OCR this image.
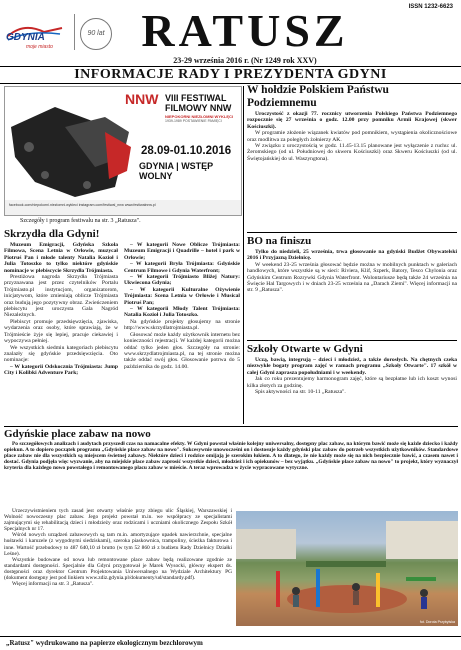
GDYNIA
moje miasto
90 lat RATUSZ	ISSN 1232-6623
23-29 września 2016 r. (Nr 1249 rok XXV)
INFORMACJE RADY I PREZYDENTA GDYNI
NNW VIII FESTIWAL
FILMOWY NNW
NIEPOKORNI NIEZŁOMNI WYKLĘCI
1939-1989 POSTAWIENIE PAMIĘCI
28.09-01.10.2016
GDYNIA | WSTĘP WOLNY
facebook.com/niepokorni.niezlomni.wykleci instagram.com/festiwal_nnw www.festiwalnnw.pl
Szczegóły i program festiwalu na str. 3 „Ratusza".
W hołdzie Polskiem Państwu Podziemnemu

Uroczystość z okazji 77. rocznicy utworzenia Polskiego Państwa Podziemnego rozpocznie się 27 września o godz. 12.00 przy pomniku Armii Krajowej (skwer Kościuszki).

W programie złożenie wiązanek kwiatów pod pomnikiem, wystąpienia okolicznościowe oraz modlitwa za poległych żołnierzy AK.

W związku z uroczystością w godz. 11.45-13.15 planowane jest wyłączenie z ruchu: ul. Żeromskiego (od ul. Południowej do skweru Kościuszki) oraz Skweru Kościuszki (od ul. Świętojańskiej do ul. Waszyngtona).

BO na finiszu

Tylko do niedzieli, 25 września, trwa głosowanie na gdyński Budżet Obywatelski 2016 i Przyjazną Dzielnicę.

W weekend 23-25 września głosować będzie można w mobilnych punktach w galeriach handlowych, które wszystkie są w sieci: Riviera, Klif, Szperk, Batory, Tesco Chylonia oraz Gdyńskim Centrum Rozrywki Gdynia Waterfront. Wolontariusze będą także 24 września na Święcie Hal Targowych i w dniach 23-25 września na „Darach Ziemi". Więcej informacji na str. 9 „Ratusza".

Szkoły Otwarte w Gdyni

Uczą, bawią, integrują – dzieci i młodzież, a także dorosłych. Na chętnych czeka niezwykłe bogaty program zajęć w ramach programu „Szkoły Otwarte". 17 szkół w całej Gdyni zaprasza popołudniami i w weekendy.

Jak co roku prezentujemy harmonogram zajęć, które są bezpłatne lub ich koszt wynosi kilka złotych za godzinę.

Spis aktywności na str. 10-11 „Ratusza".

Skrzydła dla Gdyni!

Muzeum Emigracji, Gdyńska Szkoła Filmowa, Scena Letnia w Orłowie, muzycał Piotruś Pan i młode talenty Natalia Kozioł i Julia Totoszko to tylko niektóre gdyńskie nominacje w plebiscycie Skrzydła Trójmiasta.

Prestiżowa nagroda Skrzydła Trójmiasta przyznawana jest przez czytelników Portalu Trójmiasto.pl instytucjom, organizatorom, inicjatywom, które zmieniają oblicze Trójmiasta oraz budują jego pozytywny obraz. Zwieńczeniem plebiscytu jest uroczysta Gala Nagród Niezależnych.

Plebiscyt promuje przedsięwzięcia, zjawiska, wydarzenia oraz osoby, które sprawiają, że w Trójmieście żyje się lepiej, pracuje ciekawiej i wypoczywa pełniej.

We wszystkich siedmiu kategoriach plebiscytu znalazły się gdyńskie przedsięwzięcia. Oto nominacje:

– W kategorii Odskocznia Trójmiasta: Jump City i Kolibki Adventure Park;

– W kategorii Nowe Oblicze Trójmiasta: Muzeum Emigracji i Quadrille – hotel i park w Orłowie;

– W kategorii Bryła Trójmiasta: Gdyńskie Centrum Filmowe i Gdynia Waterfront;

– W kategorii Trójmiasto Bliżej Natury: Ukwiecona Gdynia;

– W kategorii Kulturalne Ożywienie Trójmiasta: Scena Letnia w Orłowie i Musical Piotruś Pan;

– W kategorii Młody Talent Trójmiasta: Natalia Kozioł i Julia Totoszko.

Na gdyńskie projekty głosujemy na stronie http://www.skrzydlatrojmiasta.pl.

Głosować może każdy użytkownik internetu bez konieczności rejestracji. W każdej kategorii można oddać tylko jeden głos. Szczegóły na stronie: www.skrzydlatrojmiasta.pl, na tej stronie można także oddać swój głos. Głosowanie potrwa do 5 października do godz. 14.00.

Gdyńskie place zabaw na nowo

Po szczegółowych analizach i audytach przyszedł czas na namacalne efekty. W Gdyni powstał właśnie kolejny uniwersalny, dostępny plac zabaw, na którym bawić może się każde dziecko i każdy opiekun. A to dopiero początek programu „Gdyńskie place zabaw na nowo". Sukcesywnie unowocześni on i dostosuje każdy gdyński plac zabaw do potrzeb wszystkich użytkowników. Standardowe place zabaw nie dla wszystkich są miejscem świetnej zabawy. Niektóre dzieci i rodzice omijają je szerokim łukiem. A to dlatego, że nie każdy może się na nich bezpiecznie bawić, a czasem nawet i dostać. Gdynia podjęła więc wyzwanie, aby na miejskie place zabaw zaprosić wszystkie dzieci, młodzież i ich opiekunów – bez wyjątku. „Gdyńskie place zabaw na nowo" to projekt, który wyznaczył kryteria dla każdego nowo powstałego i remontowanego placu zabaw w mieście. A teraz wprowadza w życie wypracowane wytyczne.

Urzeczywistnieniem tych zasad jest otwarty właśnie przy zbiegu ulic Śląskiej, Warszawskiej i Wolność nowoczesny plac zabaw. Jego projekt powstał m.in. we współpracy ze specjalistami zajmującymi się rehabilitacją dzieci i młodzieży oraz rodzicami i uczniami okolicznego Zespołu Szkół Specjalnych nr 17.

Wśród nowych urządzeń zabawowych są tam m.in. amortyzujące upadek nawierzchnie, specjalne huśtawki i karuzele (z wygodnymi siedziskami), szeroka piaskownica, trampoliny, ścieżka fakturowa i inne. Wartość przebudowy to 487 640,10 zł brutto (w tym 52 860 zł z budżetu Rady Dzielnicy Działki Leśne).

Wszystkie budowane od nowa lub remontowane place zabaw będą realizowane zgodnie ze standardami dostępności. Specjalnie dla Gdyni przygotował je Marek Wysocki, główny ekspert ds. dostępności oraz dyrektor Centrum Projektowania Uniwersalnego na Wydziale Architektury PG (dokument dostępny jest pod linkiem www.zdiz.gdynia.pl/dokumenty/ud/standardy.pdf).

Więcej informacji na str. 3 „Ratusza".

fot. Dorota Przybylska
„Ratusz" wydrukowano na papierze ekologicznym bezchlorowym
